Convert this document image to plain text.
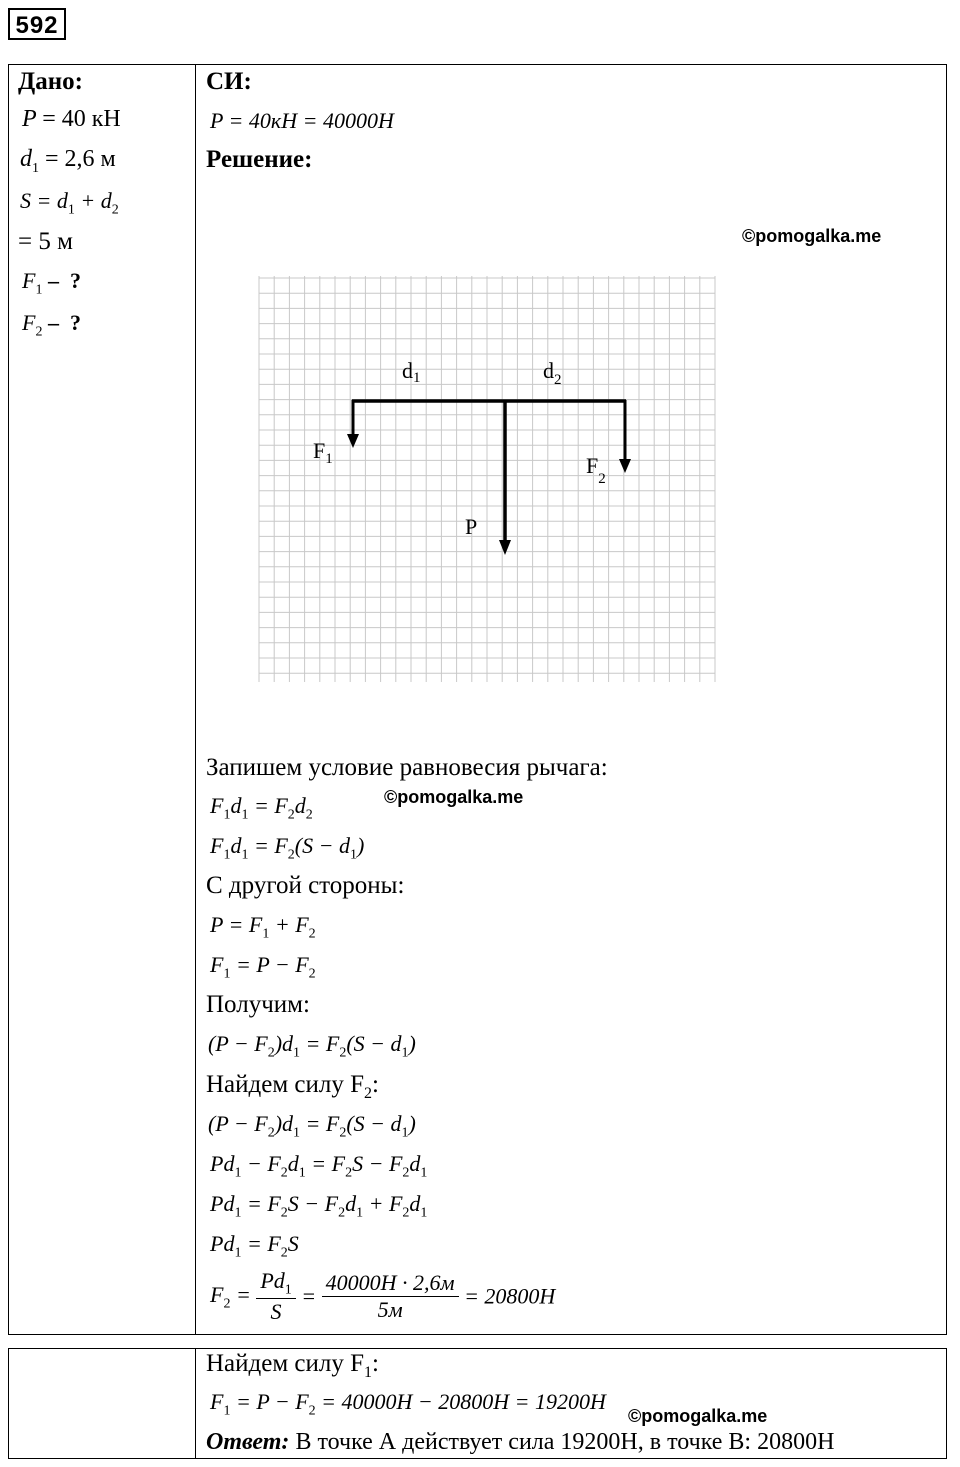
592
Дано:
P = 40 кН
$d_1 = 2,6$ м
$S = d_1 + d_2$
= 5 м
$F_1$ –  ?
$F_2$ –  ?
СИ:
P = 40кН = 40000Н
Решение:
©pomogalka.me
d1	$d_2$
$F_1$	$F_2$
P
Запишем условие равновесия рычага:
$F_1d_1 = F_2d_2$
©pomogalka.me
$F_1d_1 = F_2(S - d_1)$
С другой стороны:
$P = F_1 + F_2$
$F_1 = P - F_2$
Получим:
$(P - F_2)d_1 = F_2(S - d_1)$
Найдем силу $F_2$:
$(P - F_2)d_1 = F_2(S - d_1)$
$Pd_1 - F_2d_1 = F_2S - F_2d_1$
$Pd_1 = F_2S - F_2d_1 + F_2d_1$
$Pd_1 = F_2S$
$F_2 = \frac{Pd_1}{S} = \frac{40000Н \cdot 2,6м}{5м} = 20800Н$
Найдем силу $F_1$:
$F_1 = P - F_2 = 40000Н - 20800Н = 19200Н$
©pomogalka.me
Ответ: В точке А действует сила 19200Н, в точке В: 20800Н
